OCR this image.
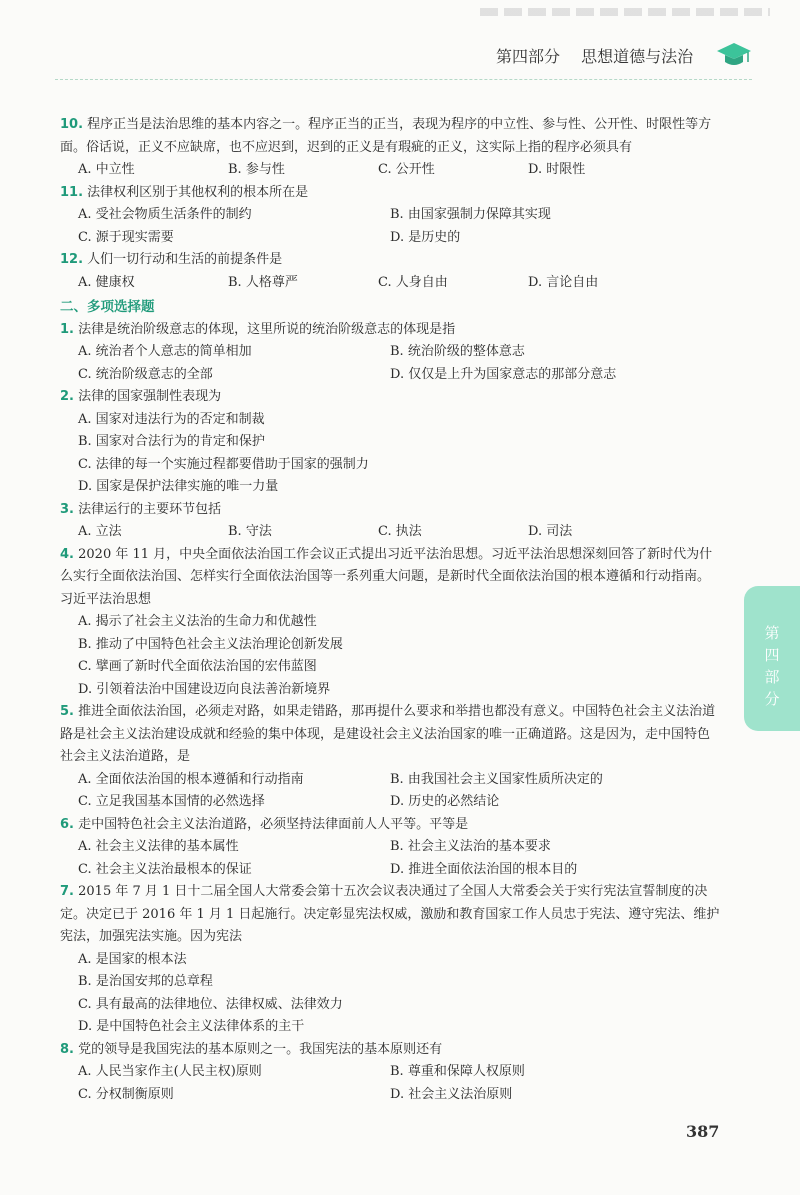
第四部分 思想道德与法治
第四部分
10. 程序正当是法治思维的基本内容之一。程序正当的正当，表现为程序的中立性、参与性、公开性、时限性等方面。俗话说，正义不应缺席，也不应迟到，迟到的正义是有瑕疵的正义，这实际上指的程序必须具有
A. 中立性	B. 参与性	C. 公开性	D. 时限性
11. 法律权利区别于其他权利的根本所在是
A. 受社会物质生活条件的制约	B. 由国家强制力保障其实现
C. 源于现实需要	D. 是历史的
12. 人们一切行动和生活的前提条件是
A. 健康权	B. 人格尊严	C. 人身自由	D. 言论自由
二、多项选择题
1. 法律是统治阶级意志的体现，这里所说的统治阶级意志的体现是指
A. 统治者个人意志的简单相加	B. 统治阶级的整体意志
C. 统治阶级意志的全部	D. 仅仅是上升为国家意志的那部分意志
2. 法律的国家强制性表现为
A. 国家对违法行为的否定和制裁
B. 国家对合法行为的肯定和保护
C. 法律的每一个实施过程都要借助于国家的强制力
D. 国家是保护法律实施的唯一力量
3. 法律运行的主要环节包括
A. 立法	B. 守法	C. 执法	D. 司法
4. 2020 年 11 月，中央全面依法治国工作会议正式提出习近平法治思想。习近平法治思想深刻回答了新时代为什么实行全面依法治国、怎样实行全面依法治国等一系列重大问题，是新时代全面依法治国的根本遵循和行动指南。习近平法治思想
A. 揭示了社会主义法治的生命力和优越性
B. 推动了中国特色社会主义法治理论创新发展
C. 擘画了新时代全面依法治国的宏伟蓝图
D. 引领着法治中国建设迈向良法善治新境界
5. 推进全面依法治国，必须走对路，如果走错路，那再提什么要求和举措也都没有意义。中国特色社会主义法治道路是社会主义法治建设成就和经验的集中体现，是建设社会主义法治国家的唯一正确道路。这是因为，走中国特色社会主义法治道路，是
A. 全面依法治国的根本遵循和行动指南	B. 由我国社会主义国家性质所决定的
C. 立足我国基本国情的必然选择	D. 历史的必然结论
6. 走中国特色社会主义法治道路，必须坚持法律面前人人平等。平等是
A. 社会主义法律的基本属性	B. 社会主义法治的基本要求
C. 社会主义法治最根本的保证	D. 推进全面依法治国的根本目的
7. 2015 年 7 月 1 日十二届全国人大常委会第十五次会议表决通过了全国人大常委会关于实行宪法宣誓制度的决定。决定已于 2016 年 1 月 1 日起施行。决定彰显宪法权威，激励和教育国家工作人员忠于宪法、遵守宪法、维护宪法，加强宪法实施。因为宪法
A. 是国家的根本法
B. 是治国安邦的总章程
C. 具有最高的法律地位、法律权威、法律效力
D. 是中国特色社会主义法律体系的主干
8. 党的领导是我国宪法的基本原则之一。我国宪法的基本原则还有
A. 人民当家作主(人民主权)原则	B. 尊重和保障人权原则
C. 分权制衡原则	D. 社会主义法治原则
387
